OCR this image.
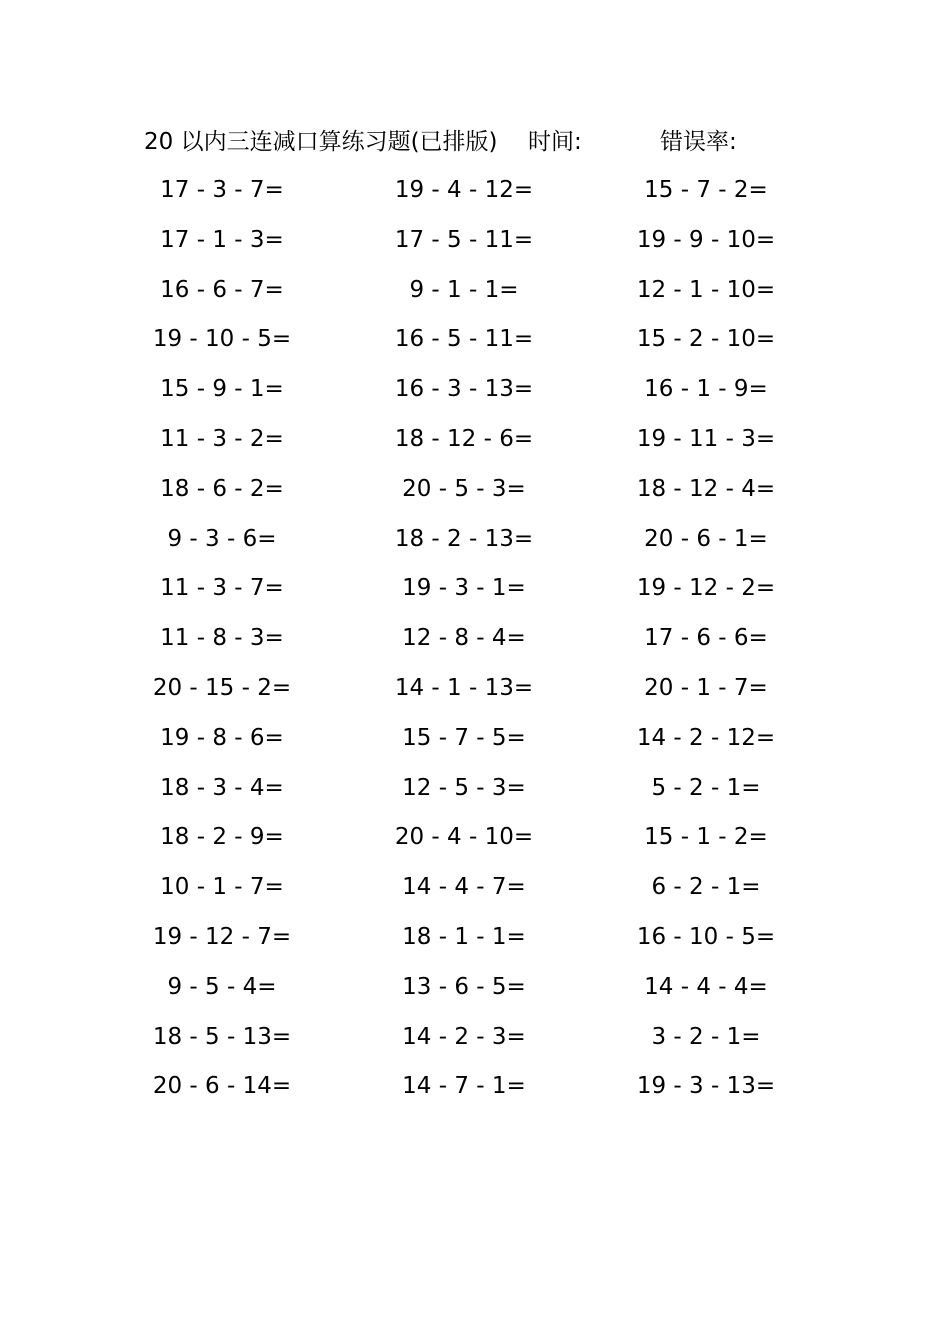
20 以内三连减口算练习题(已排版) 时间:	错误率:
17 - 3 - 7=	19 - 4 - 12=	15 - 7 - 2=
17 - 1 - 3=	17 - 5 - 11=	19 - 9 - 10=
16 - 6 - 7=	9 - 1 - 1=	12 - 1 - 10=
19 - 10 - 5=	16 - 5 - 11=	15 - 2 - 10=
15 - 9 - 1=	16 - 3 - 13=	16 - 1 - 9=
11 - 3 - 2=	18 - 12 - 6=	19 - 11 - 3=
18 - 6 - 2=	20 - 5 - 3=	18 - 12 - 4=
9 - 3 - 6=	18 - 2 - 13=	20 - 6 - 1=
11 - 3 - 7=	19 - 3 - 1=	19 - 12 - 2=
11 - 8 - 3=	12 - 8 - 4=	17 - 6 - 6=
20 - 15 - 2=	14 - 1 - 13=	20 - 1 - 7=
19 - 8 - 6=	15 - 7 - 5=	14 - 2 - 12=
18 - 3 - 4=	12 - 5 - 3=	5 - 2 - 1=
18 - 2 - 9=	20 - 4 - 10=	15 - 1 - 2=
10 - 1 - 7=	14 - 4 - 7=	6 - 2 - 1=
19 - 12 - 7=	18 - 1 - 1=	16 - 10 - 5=
9 - 5 - 4=	13 - 6 - 5=	14 - 4 - 4=
18 - 5 - 13=	14 - 2 - 3=	3 - 2 - 1=
20 - 6 - 14=	14 - 7 - 1=	19 - 3 - 13=
